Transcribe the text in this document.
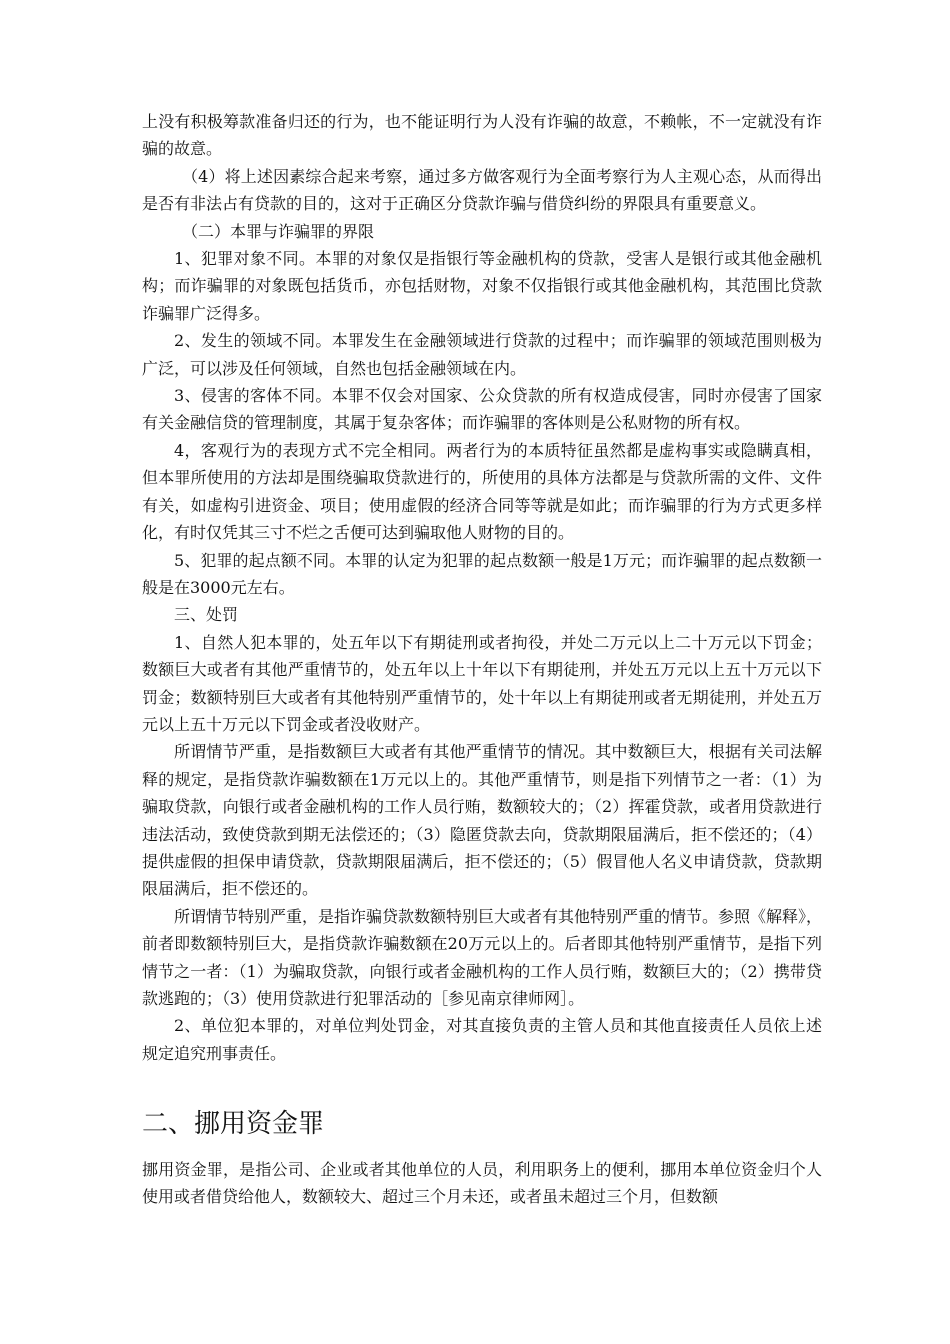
上没有积极筹款准备归还的行为，也不能证明行为人没有诈骗的故意，不赖帐，不一定就没有诈骗的故意。

（4）将上述因素综合起来考察，通过多方做客观行为全面考察行为人主观心态，从而得出是否有非法占有贷款的目的，这对于正确区分贷款诈骗与借贷纠纷的界限具有重要意义。

（二）本罪与诈骗罪的界限

1、犯罪对象不同。本罪的对象仅是指银行等金融机构的贷款，受害人是银行或其他金融机构；而诈骗罪的对象既包括货币，亦包括财物，对象不仅指银行或其他金融机构，其范围比贷款诈骗罪广泛得多。

2、发生的领域不同。本罪发生在金融领域进行贷款的过程中；而诈骗罪的领域范围则极为广泛，可以涉及任何领域，自然也包括金融领域在内。

3、侵害的客体不同。本罪不仅会对国家、公众贷款的所有权造成侵害，同时亦侵害了国家有关金融信贷的管理制度，其属于复杂客体；而诈骗罪的客体则是公私财物的所有权。

4，客观行为的表现方式不完全相同。两者行为的本质特征虽然都是虚构事实或隐瞒真相，但本罪所使用的方法却是围绕骗取贷款进行的，所使用的具体方法都是与贷款所需的文件、文件有关，如虚构引进资金、项目；使用虚假的经济合同等等就是如此；而诈骗罪的行为方式更多样化，有时仅凭其三寸不烂之舌便可达到骗取他人财物的目的。

5、犯罪的起点额不同。本罪的认定为犯罪的起点数额一般是1万元；而诈骗罪的起点数额一般是在3000元左右。

三、处罚

1、自然人犯本罪的，处五年以下有期徒刑或者拘役，并处二万元以上二十万元以下罚金；数额巨大或者有其他严重情节的，处五年以上十年以下有期徒刑，并处五万元以上五十万元以下罚金；数额特别巨大或者有其他特别严重情节的，处十年以上有期徒刑或者无期徒刑，并处五万元以上五十万元以下罚金或者没收财产。

所谓情节严重，是指数额巨大或者有其他严重情节的情况。其中数额巨大，根据有关司法解释的规定，是指贷款诈骗数额在1万元以上的。其他严重情节，则是指下列情节之一者：（1）为骗取贷款，向银行或者金融机构的工作人员行贿，数额较大的；（2）挥霍贷款，或者用贷款进行违法活动，致使贷款到期无法偿还的；（3）隐匿贷款去向，贷款期限届满后，拒不偿还的；（4）提供虚假的担保申请贷款，贷款期限届满后，拒不偿还的；（5）假冒他人名义申请贷款，贷款期限届满后，拒不偿还的。

所谓情节特别严重，是指诈骗贷款数额特别巨大或者有其他特别严重的情节。参照《解释》，前者即数额特别巨大，是指贷款诈骗数额在20万元以上的。后者即其他特别严重情节，是指下列情节之一者：（1）为骗取贷款，向银行或者金融机构的工作人员行贿，数额巨大的；（2）携带贷款逃跑的；（3）使用贷款进行犯罪活动的［参见南京律师网］。

2、单位犯本罪的，对单位判处罚金，对其直接负责的主管人员和其他直接责任人员依上述规定追究刑事责任。

二、挪用资金罪

挪用资金罪，是指公司、企业或者其他单位的人员，利用职务上的便利，挪用本单位资金归个人使用或者借贷给他人，数额较大、超过三个月未还，或者虽未超过三个月，但数额
